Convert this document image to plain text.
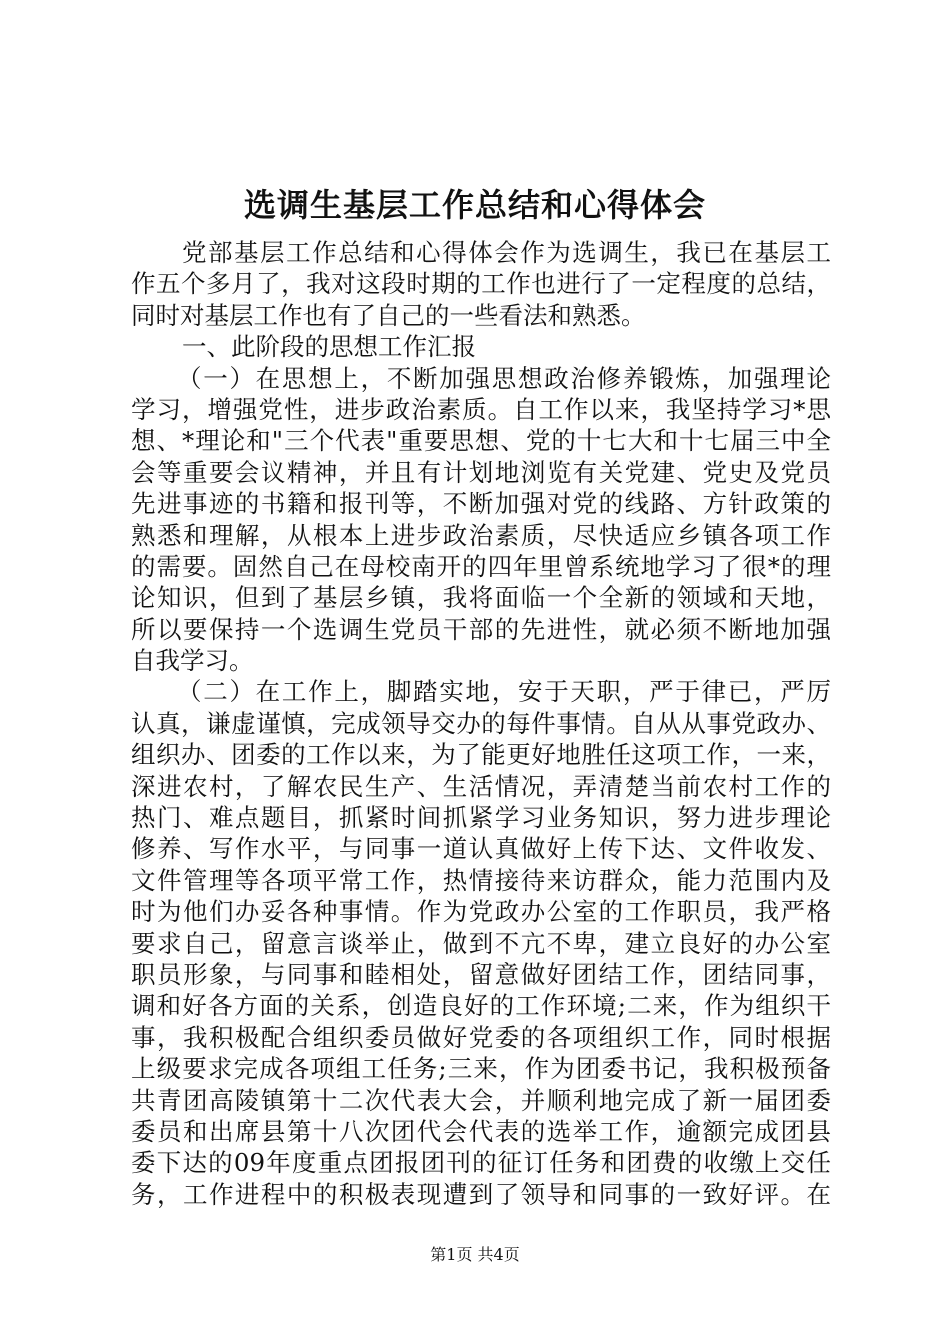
选调生基层工作总结和心得体会
党部基层工作总结和心得体会作为选调生，我已在基层工
作五个多月了，我对这段时期的工作也进行了一定程度的总结，
同时对基层工作也有了自己的一些看法和熟悉。
一、此阶段的思想工作汇报
（一）在思想上，不断加强思想政治修养锻炼，加强理论
学习，增强党性，进步政治素质。自工作以来，我坚持学习*思
想、*理论和"三个代表"重要思想、党的十七大和十七届三中全
会等重要会议精神，并且有计划地浏览有关党建、党史及党员
先进事迹的书籍和报刊等，不断加强对党的线路、方针政策的
熟悉和理解，从根本上进步政治素质，尽快适应乡镇各项工作
的需要。固然自己在母校南开的四年里曾系统地学习了很*的理
论知识，但到了基层乡镇，我将面临一个全新的领域和天地，
所以要保持一个选调生党员干部的先进性，就必须不断地加强
自我学习。
（二）在工作上，脚踏实地，安于天职，严于律已，严厉
认真，谦虚谨慎，完成领导交办的每件事情。自从从事党政办、
组织办、团委的工作以来，为了能更好地胜任这项工作，一来，
深进农村，了解农民生产、生活情况，弄清楚当前农村工作的
热门、难点题目，抓紧时间抓紧学习业务知识，努力进步理论
修养、写作水平，与同事一道认真做好上传下达、文件收发、
文件管理等各项平常工作，热情接待来访群众，能力范围内及
时为他们办妥各种事情。作为党政办公室的工作职员，我严格
要求自己，留意言谈举止，做到不亢不卑，建立良好的办公室
职员形象，与同事和睦相处，留意做好团结工作，团结同事，
调和好各方面的关系，创造良好的工作环境;二来，作为组织干
事，我积极配合组织委员做好党委的各项组织工作，同时根据
上级要求完成各项组工任务;三来，作为团委书记，我积极预备
共青团高陵镇第十二次代表大会，并顺利地完成了新一届团委
委员和出席县第十八次团代会代表的选举工作，逾额完成团县
委下达的09年度重点团报团刊的征订任务和团费的收缴上交任
务，工作进程中的积极表现遭到了领导和同事的一致好评。在
第1页 共4页
